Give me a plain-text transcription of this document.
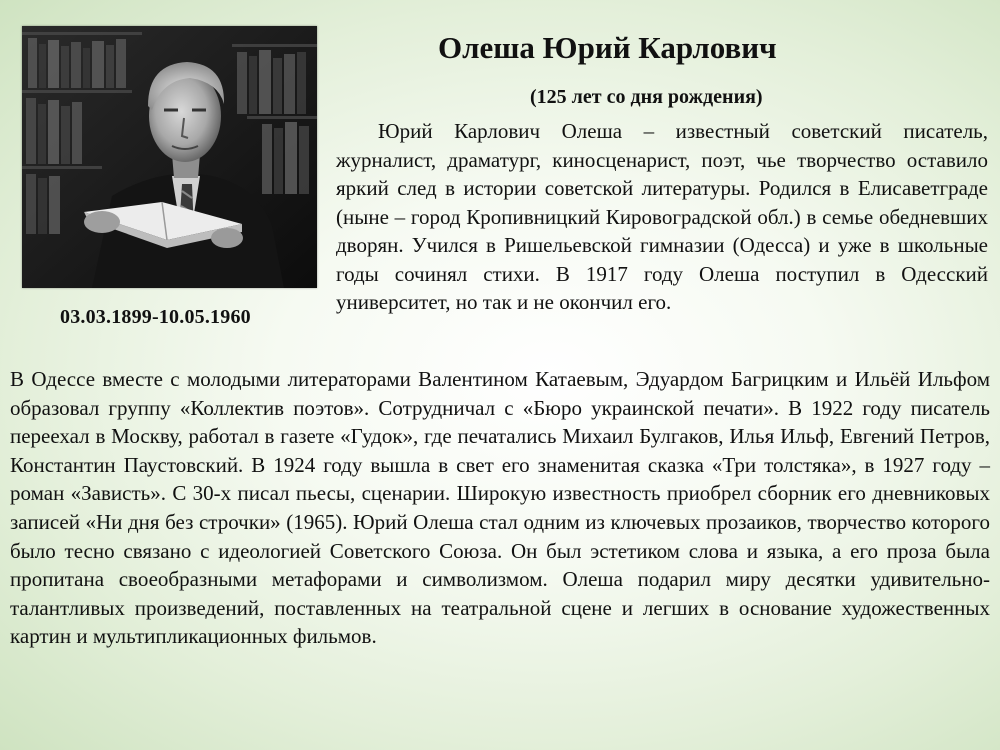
03.03.1899-10.05.1960
Олеша Юрий Карлович
(125 лет со дня рождения)

Юрий Карлович Олеша – известный советский писатель, журналист, драматург, киносценарист, поэт, чье творчество оставило яркий след в истории советской литературы. Родился в Елисаветграде (ныне – город Кропивницкий Кировоградской обл.) в семье обедневших дворян. Учился в Ришельевской гимназии (Одесса) и уже в школьные годы сочинял стихи. В 1917 году Олеша поступил в Одесский университет, но так и не окончил его.

В Одессе вместе с молодыми литераторами Валентином Катаевым, Эдуардом Багрицким и Ильёй Ильфом образовал группу «Коллектив поэтов». Сотрудничал с «Бюро украинской печати». В 1922 году писатель переехал в Москву, работал в газете «Гудок», где печатались Михаил Булгаков, Илья Ильф, Евгений Петров, Константин Паустовский. В 1924 году вышла в свет его знаменитая сказка «Три толстяка», в 1927 году – роман «Зависть». С 30-х писал пьесы, сценарии. Широкую известность приобрел сборник его дневниковых записей «Ни дня без строчки» (1965). Юрий Олеша стал одним из ключевых прозаиков, творчество которого было тесно связано с идеологией Советского Союза. Он был эстетиком слова и языка, а его проза была пропитана своеобразными метафорами и символизмом. Олеша подарил миру десятки удивительно-талантливых произведений, поставленных на театральной сцене и легших в основание художественных картин и мультипликационных фильмов.
